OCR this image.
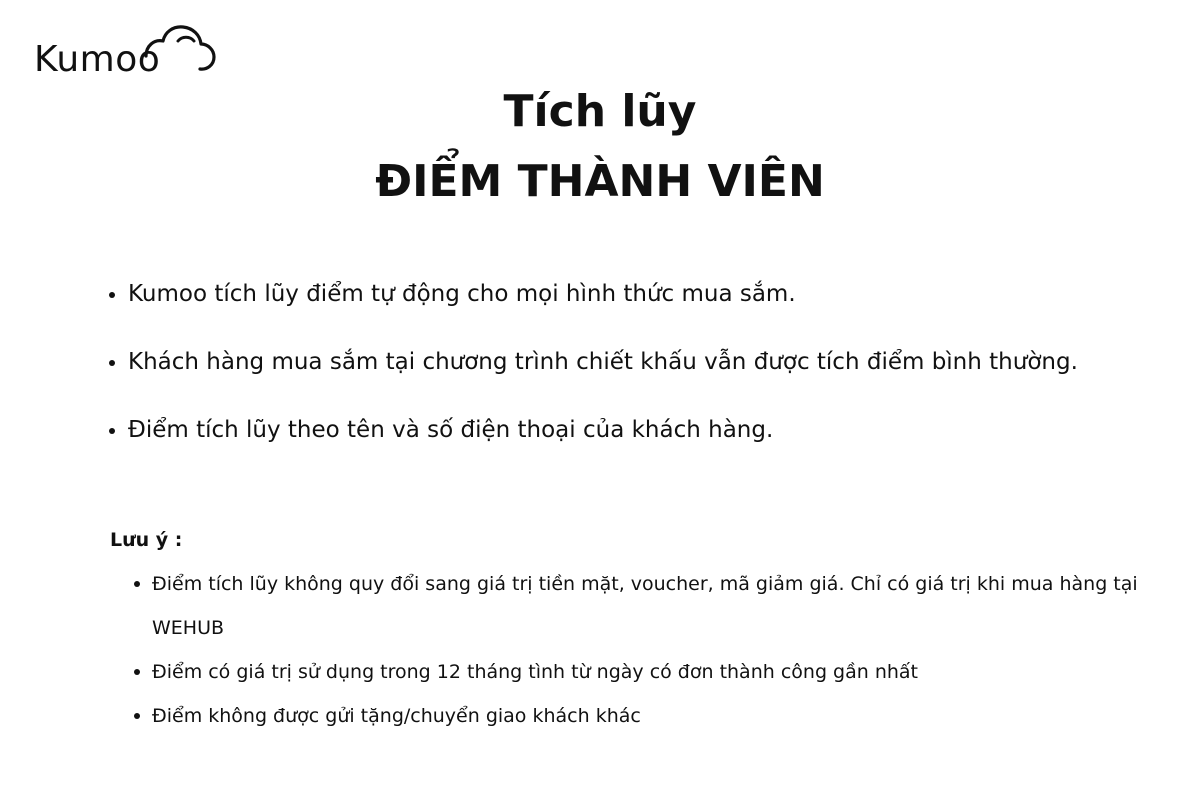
Kumoo
Tích lũy
ĐIỂM THÀNH VIÊN
Kumoo tích lũy điểm tự động cho mọi hình thức mua sắm.
Khách hàng mua sắm tại chương trình chiết khấu vẫn được tích điểm bình thường.
Điểm tích lũy theo tên và số điện thoại của khách hàng.

Lưu ý :

Điểm tích lũy không quy đổi sang giá trị tiền mặt, voucher, mã giảm giá. Chỉ có giá trị khi mua hàng tại WEHUB
Điểm có giá trị sử dụng trong 12 tháng tình từ ngày có đơn thành công gần nhất
Điểm không được gửi tặng/chuyển giao khách khác
